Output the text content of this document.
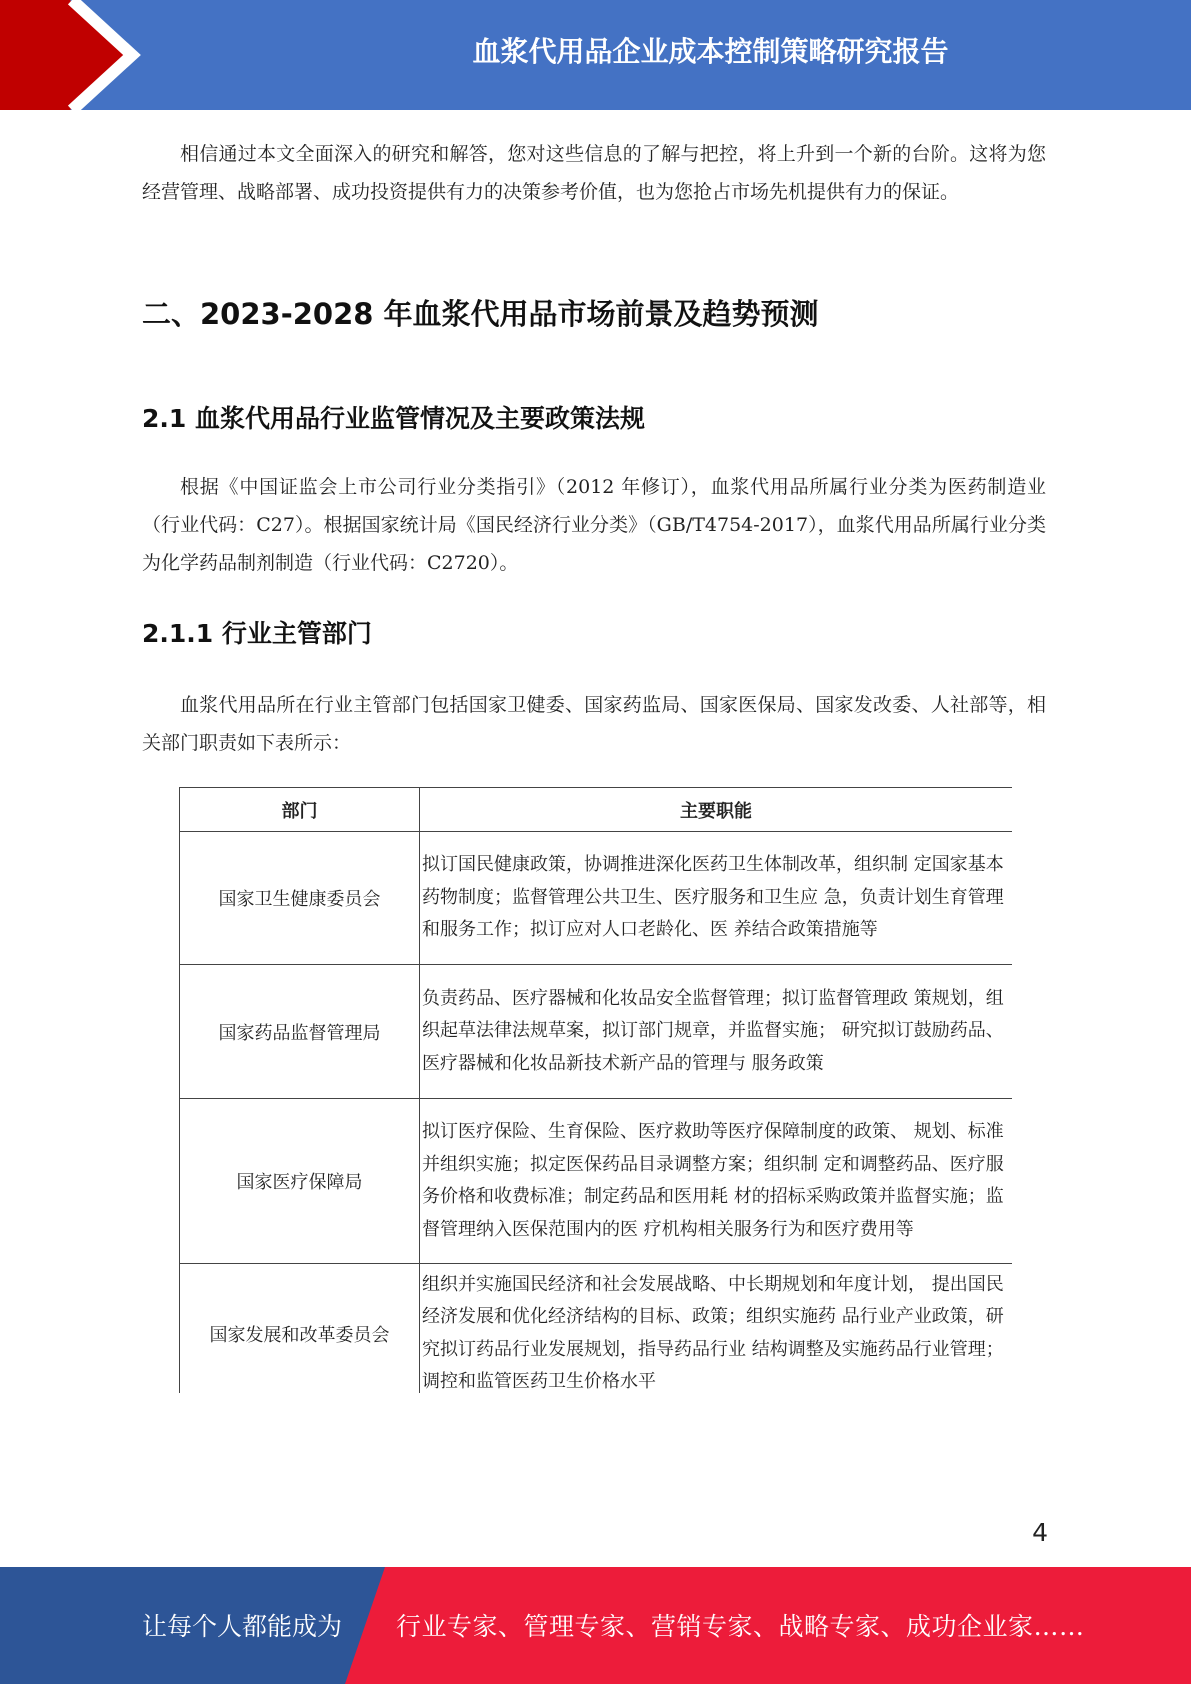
血浆代用品企业成本控制策略研究报告

相信通过本文全面深入的研究和解答，您对这些信息的了解与把控，将上升到一个新的台阶。这将为您经营管理、战略部署、成功投资提供有力的决策参考价值，也为您抢占市场先机提供有力的保证。

二、2023-2028 年血浆代用品市场前景及趋势预测
2.1 血浆代用品行业监管情况及主要政策法规

根据《中国证监会上市公司行业分类指引》（2012 年修订），血浆代用品所属行业分类为医药制造业（行业代码：C27）。根据国家统计局《国民经济行业分类》（GB/T4754-2017），血浆代用品所属行业分类为化学药品制剂制造（行业代码：C2720）。

2.1.1 行业主管部门

血浆代用品所在行业主管部门包括国家卫健委、国家药监局、国家医保局、国家发改委、人社部等，相关部门职责如下表所示：

部门	主要职能
国家卫生健康委员会	拟订国民健康政策，协调推进深化医药卫生体制改革，组织制 定国家基本药物制度；监督管理公共卫生、医疗服务和卫生应 急，负责计划生育管理和服务工作；拟订应对人口老龄化、医 养结合政策措施等
国家药品监督管理局	负责药品、医疗器械和化妆品安全监督管理；拟订监督管理政 策规划，组织起草法律法规草案，拟订部门规章，并监督实施； 研究拟订鼓励药品、医疗器械和化妆品新技术新产品的管理与 服务政策
国家医疗保障局	拟订医疗保险、生育保险、医疗救助等医疗保障制度的政策、 规划、标准并组织实施；拟定医保药品目录调整方案；组织制 定和调整药品、医疗服务价格和收费标准；制定药品和医用耗 材的招标采购政策并监督实施；监督管理纳入医保范围内的医 疗机构相关服务行为和医疗费用等
国家发展和改革委员会	组织并实施国民经济和社会发展战略、中长期规划和年度计划， 提出国民经济发展和优化经济结构的目标、政策；组织实施药 品行业产业政策，研究拟订药品行业发展规划，指导药品行业 结构调整及实施药品行业管理；调控和监管医药卫生价格水平
4
让每个人都能成为 行业专家、管理专家、营销专家、战略专家、成功企业家……
